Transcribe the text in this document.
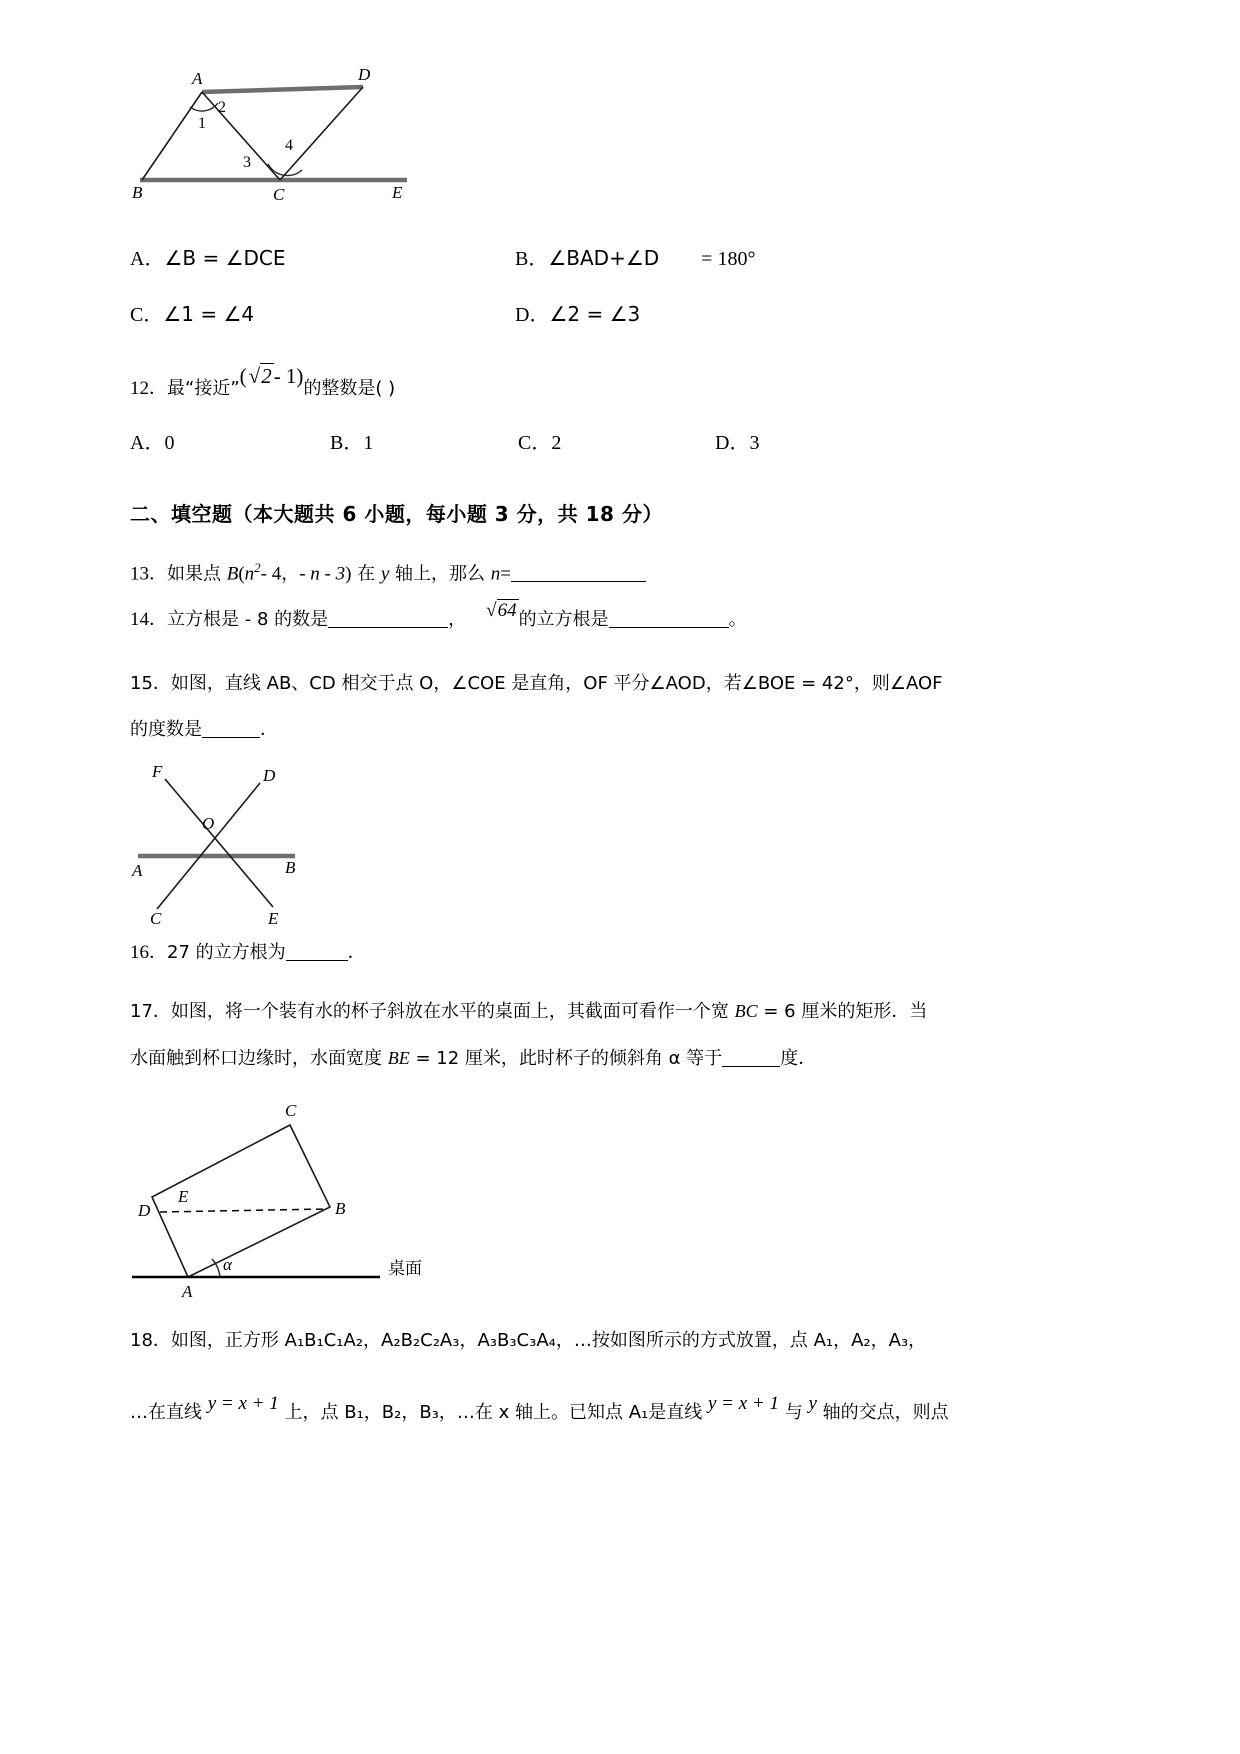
A	D
B	C	E
2
1
3
4
A．∠B = ∠DCE	B．∠BAD+∠D = 180°
C．∠1 = ∠4	D．∠2 = ∠3
12．最“接近”(√2- 1)的整数是( )
A．0	B．1	C．2	D．3
二、填空题（本大题共 6 小题，每小题 3 分，共 18 分）
13．如果点 $B(n^2-$ 4，- n - 3) 在 y 轴上，那么 n=
14．立方根是 - 8 的数是	， √64 的立方根是	。
15．如图，直线 AB、CD 相交于点 O，∠COE 是直角，OF 平分∠AOD，若∠BOE = 42°，则∠AOF
的度数是	．
F	D
O
A	B
C	E
16．27 的立方根为	．
17．如图，将一个装有水的杯子斜放在水平的桌面上，其截面可看作一个宽 BC = 6 厘米的矩形．当
水面触到杯口边缘时，水面宽度 BE = 12 厘米，此时杯子的倾斜角 α 等于	度．
C
E
D	B
A
α	桌面
18．如图，正方形 A₁B₁C₁A₂，A₂B₂C₂A₃，A₃B₃C₃A₄，…按如图所示的方式放置，点 A₁，A₂，A₃，
…在直线 y = x + 1 上，点 B₁，B₂，B₃，…在 x 轴上。已知点 A₁是直线 y = x + 1 与 y 轴的交点，则点
